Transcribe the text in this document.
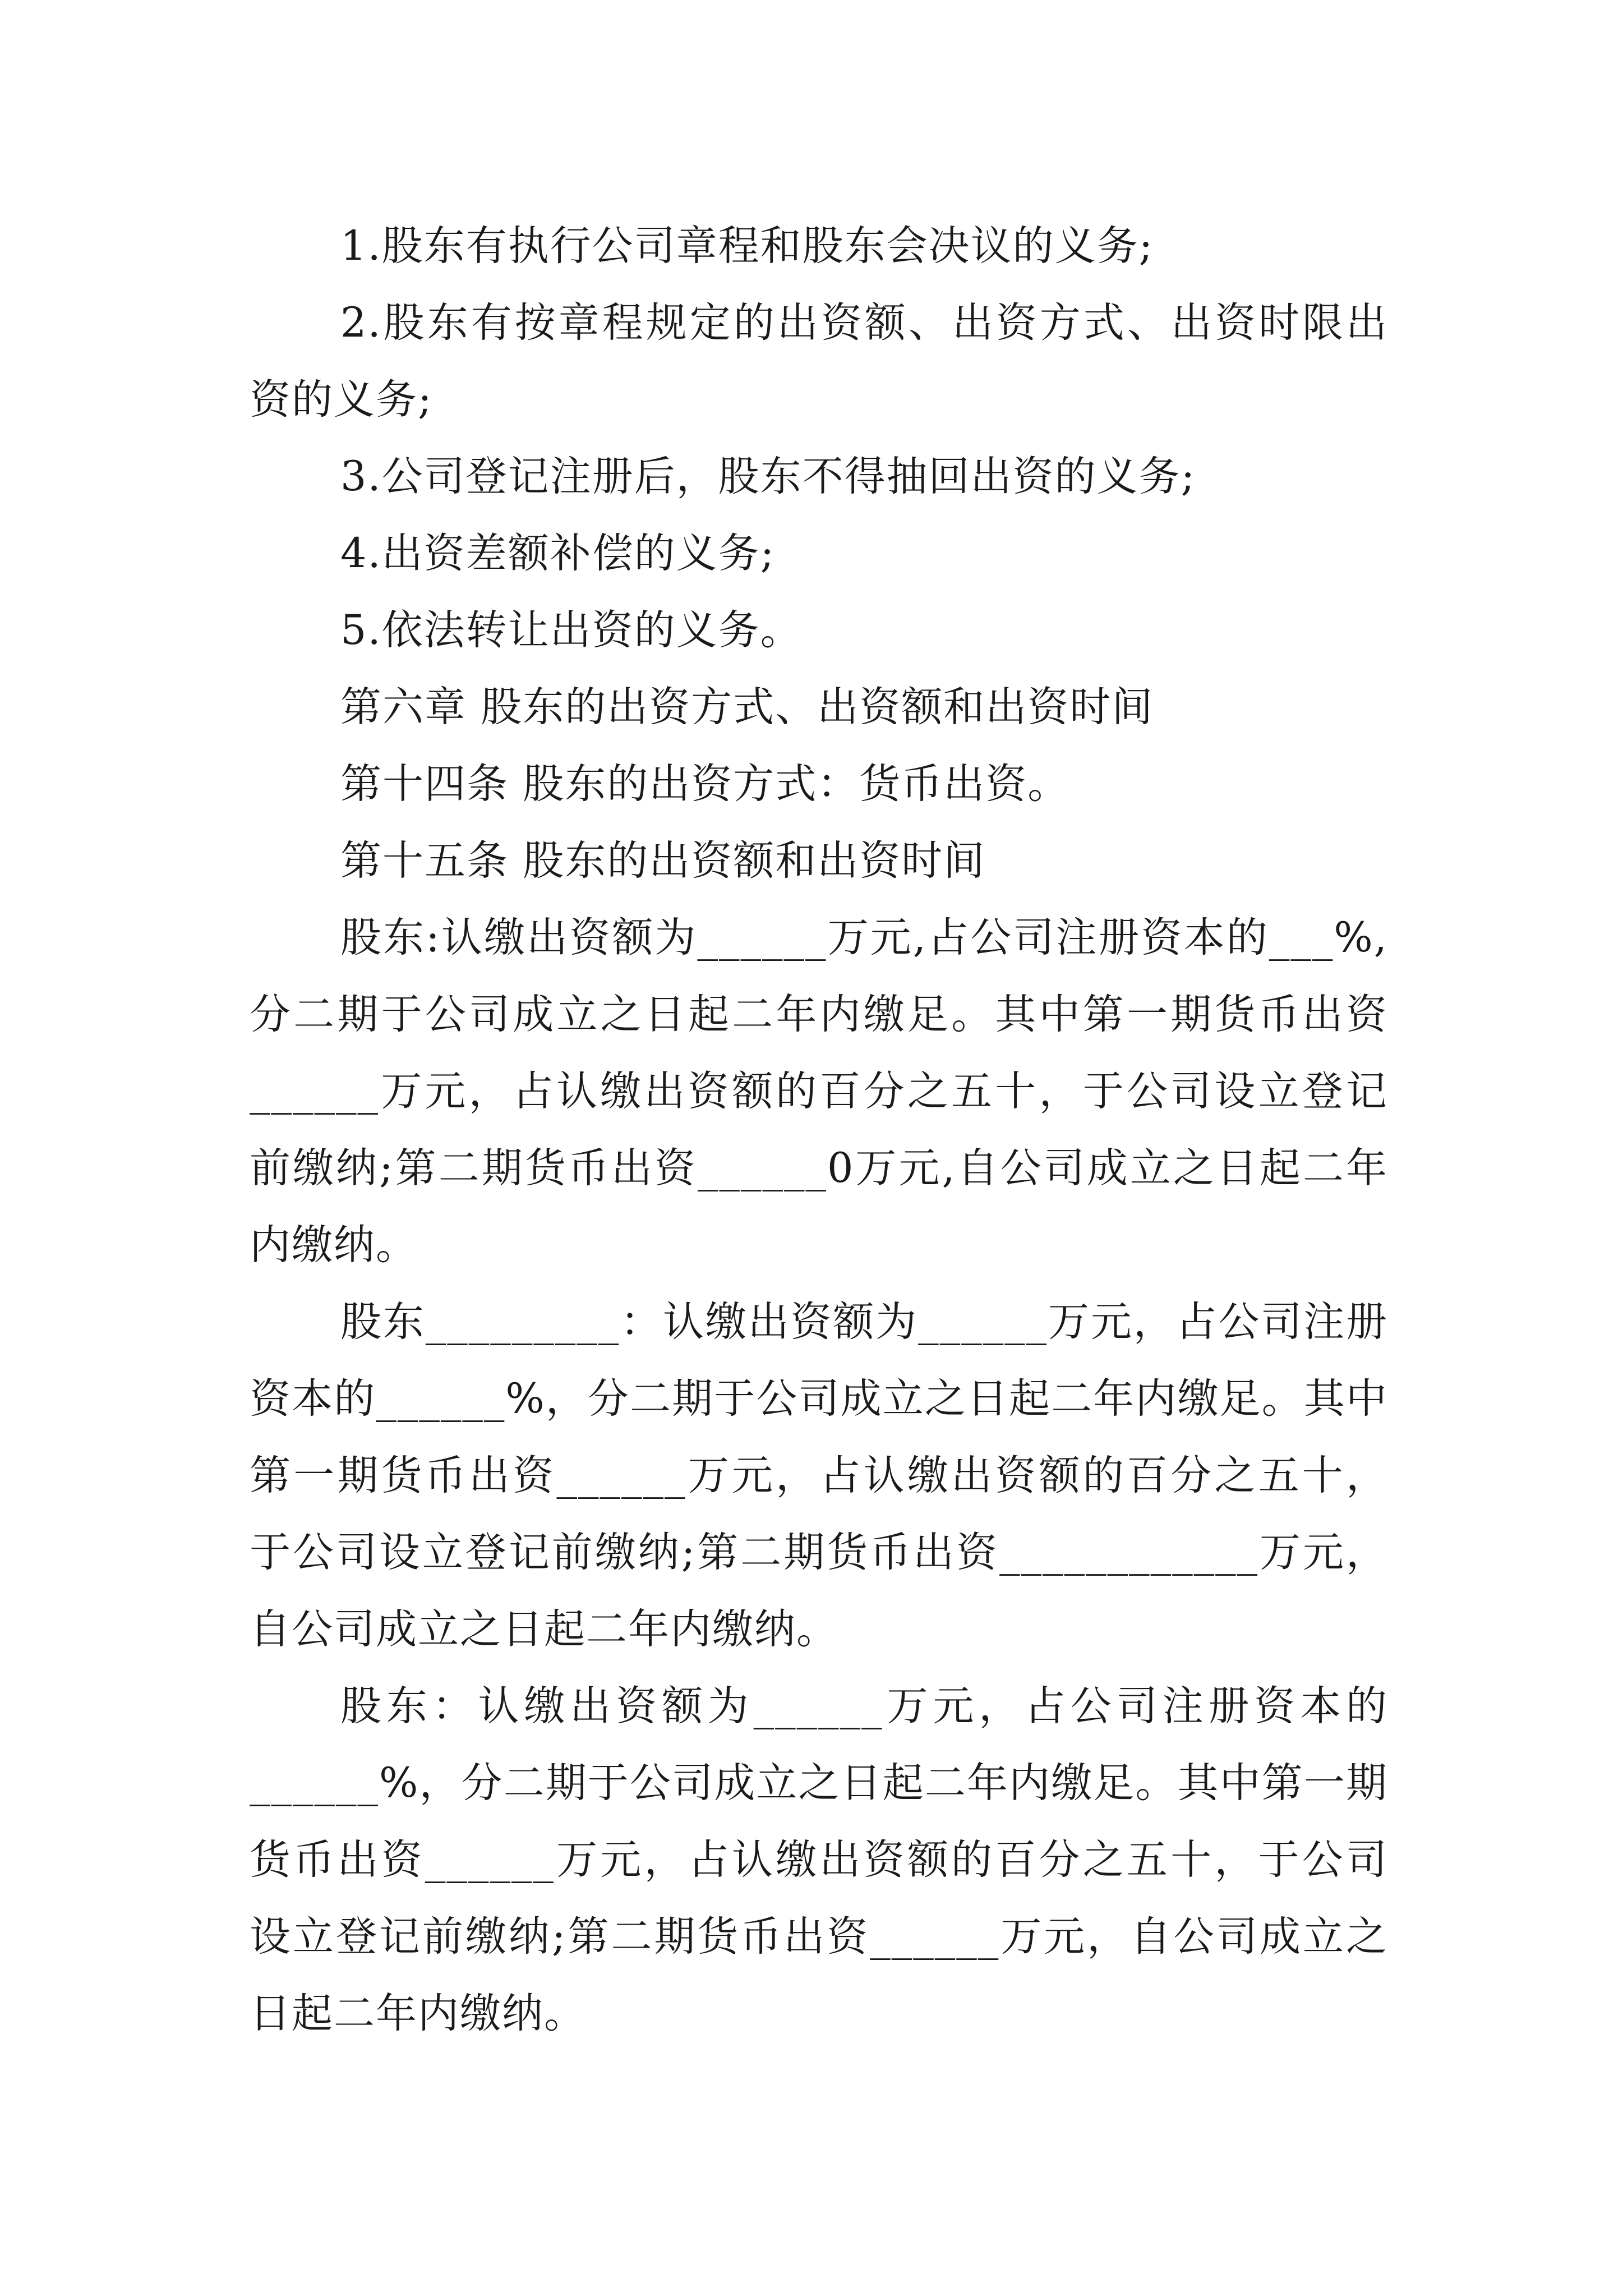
1.股东有执行公司章程和股东会决议的义务;

2.股东有按章程规定的出资额、出资方式、出资时限出资的义务;

3.公司登记注册后，股东不得抽回出资的义务;

4.出资差额补偿的义务;

5.依法转让出资的义务。

第六章 股东的出资方式、出资额和出资时间

第十四条 股东的出资方式：货币出资。

第十五条 股东的出资额和出资时间

股东:认缴出资额为______万元,占公司注册资本的___%,分二期于公司成立之日起二年内缴足。其中第一期货币出资______万元，占认缴出资额的百分之五十，于公司设立登记前缴纳;第二期货币出资______0万元,自公司成立之日起二年内缴纳。

股东_________：认缴出资额为______万元，占公司注册资本的______%，分二期于公司成立之日起二年内缴足。其中第一期货币出资______万元，占认缴出资额的百分之五十，于公司设立登记前缴纳;第二期货币出资____________万元，自公司成立之日起二年内缴纳。

股东：认缴出资额为______万元，占公司注册资本的______%，分二期于公司成立之日起二年内缴足。其中第一期货币出资______万元，占认缴出资额的百分之五十，于公司设立登记前缴纳;第二期货币出资______万元，自公司成立之日起二年内缴纳。
